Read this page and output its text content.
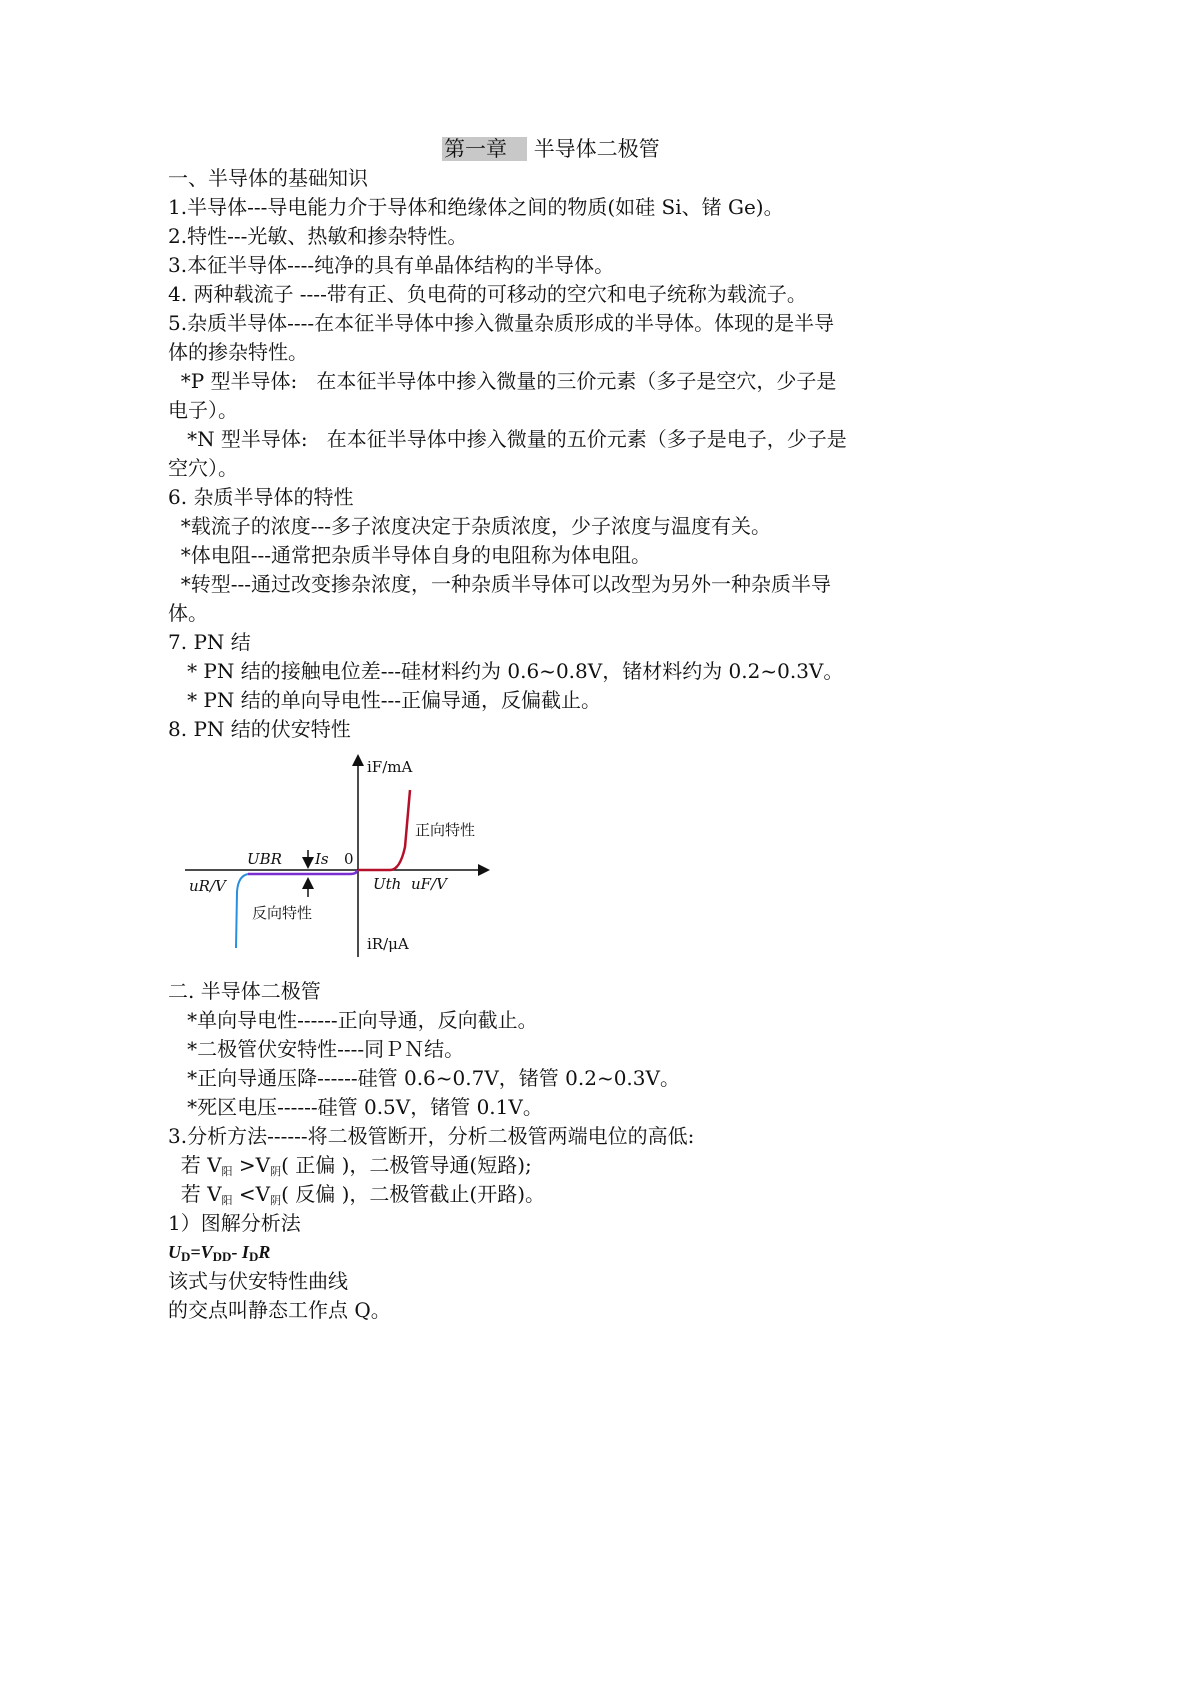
第一章 半导体二极管
一、半导体的基础知识
1.半导体---导电能力介于导体和绝缘体之间的物质(如硅 Si、锗 Ge)。
2.特性---光敏、热敏和掺杂特性。
3.本征半导体----纯净的具有单晶体结构的半导体。
4. 两种载流子 ----带有正、负电荷的可移动的空穴和电子统称为载流子。
5.杂质半导体----在本征半导体中掺入微量杂质形成的半导体。体现的是半导
体的掺杂特性。
*P 型半导体:   在本征半导体中掺入微量的三价元素（多子是空穴，少子是
电子）。
*N 型半导体:   在本征半导体中掺入微量的五价元素（多子是电子，少子是
空穴）。
6. 杂质半导体的特性
*载流子的浓度---多子浓度决定于杂质浓度，少子浓度与温度有关。
*体电阻---通常把杂质半导体自身的电阻称为体电阻。
*转型---通过改变掺杂浓度，一种杂质半导体可以改型为另外一种杂质半导
体。
7. PN 结
* PN 结的接触电位差---硅材料约为 0.6~0.8V，锗材料约为 0.2~0.3V。
* PN 结的单向导电性---正偏导通，反偏截止。
8. PN 结的伏安特性
iF/mA
正向特性
UBR Is 0
uR/V	Uth uF/V
反向特性
iR/μA
二. 半导体二极管
*单向导电性------正向导通，反向截止。
*二极管伏安特性----同ＰＮ结。
*正向导通压降------硅管 0.6~0.7V，锗管 0.2~0.3V。
*死区电压------硅管 0.5V，锗管 0.1V。
3.分析方法------将二极管断开，分析二极管两端电位的高低:
若 $V_阳 >V_阴$( 正偏 )，二极管导通(短路);
若 $V_阳 <V_阴$( 反偏 )，二极管截止(开路)。
1）图解分析法
UD=VDD- IDR
该式与伏安特性曲线
的交点叫静态工作点 Q。
